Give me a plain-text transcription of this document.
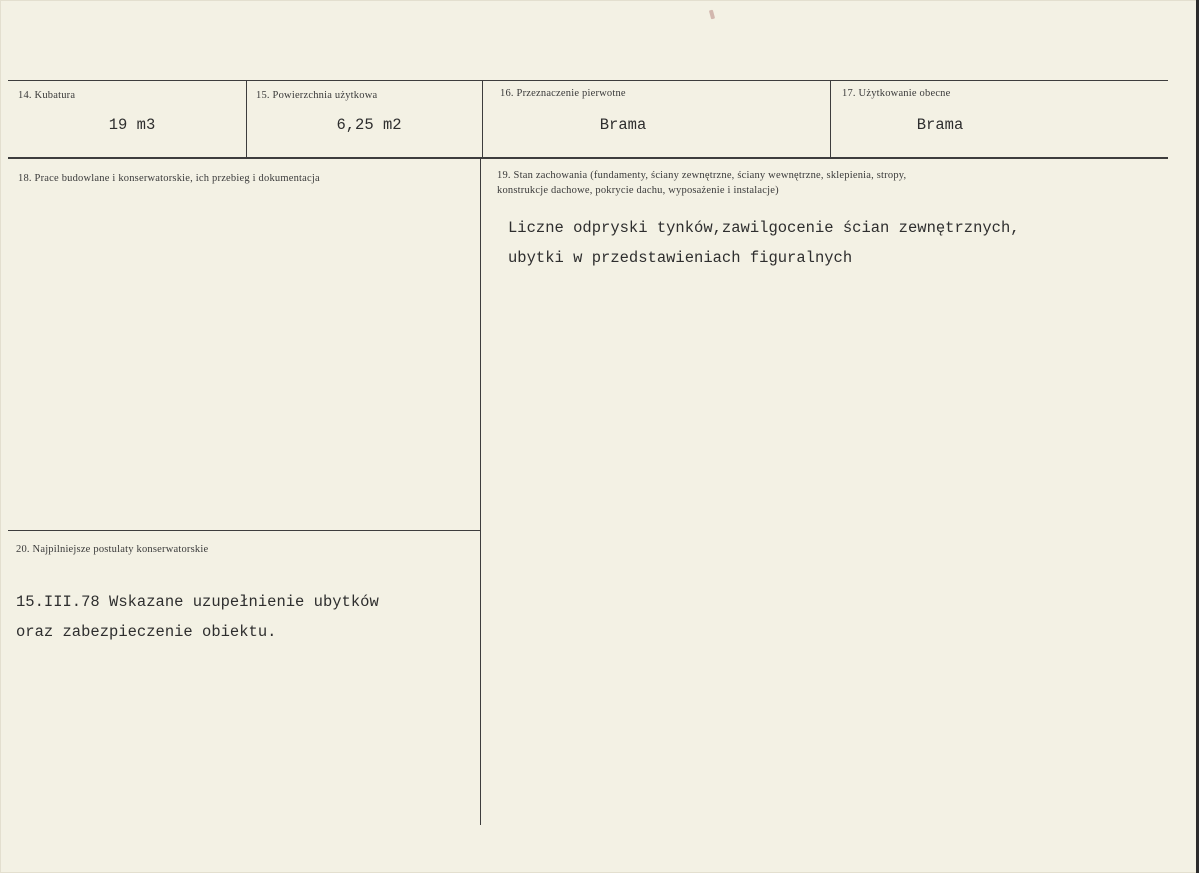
14. Kubatura
19 m3
15. Powierzchnia użytkowa
6,25 m2
16. Przeznaczenie pierwotne
Brama
17. Użytkowanie obecne
Brama
18. Prace budowlane i konserwatorskie, ich przebieg i dokumentacja	19. Stan zachowania (fundamenty, ściany zewnętrzne, ściany wewnętrzne, sklepienia, stropy,
konstrukcje dachowe, pokrycie dachu, wyposażenie i instalacje)
Liczne odpryski tynków,zawilgocenie ścian zewnętrznych,
ubytki w przedstawieniach figuralnych
20. Najpilniejsze postulaty konserwatorskie
15.III.78 Wskazane uzupełnienie ubytków
oraz zabezpieczenie obiektu.
